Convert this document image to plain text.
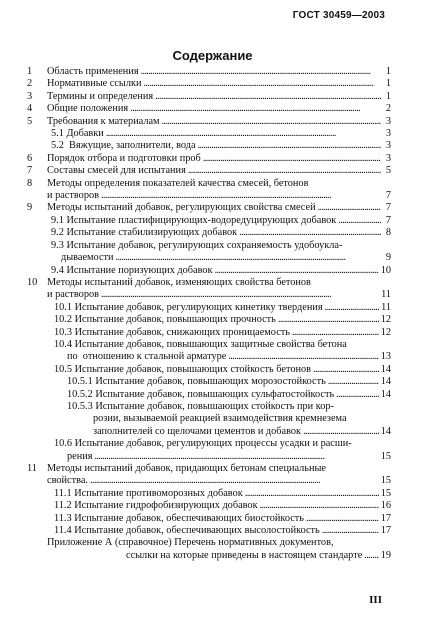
ГОСТ 30459—2003
Содержание
1 Область применения . . .	1
2 Нормативные ссылки . . .	1
3 Термины и определения . . .	1
4 Общие положения . . .	2
5 Требования к материалам . . .	3
5.1 Добавки . . .	3
5.2  Вяжущие, заполнители, вода . . .	3
6 Порядок отбора и подготовки проб . . .	3
7 Составы смесей для испытания . . .	5
8 Методы определения показателей качества смесей, бетонов
и растворов . . .	7
9 Методы испытаний добавок, регулирующих свойства смесей . . .	7
9.1 Испытание пластифицирующих-водоредуцирующих добавок . . .	7
9.2 Испытание стабилизирующих добавок . . .	8
9.3 Испытание добавок, регулирующих сохраняемость удобоукла-
дываемости . . .	9
9.4 Испытание поризующих добавок . . .	10
10 Методы испытаний добавок, изменяющих свойства бетонов
и растворов . . .	11
10.1 Испытание добавок, регулирующих кинетику твердения . . .	11
10.2 Испытание добавок, повышающих прочность . . .	12
10.3 Испытание добавок, снижающих проницаемость . . .	12
10.4 Испытание добавок, повышающих защитные свойства бетона
по  отношению к стальной арматуре . . .	13
10.5 Испытание добавок, повышающих стойкость бетонов . . .	14
10.5.1 Испытание добавок, повышающих морозостойкость . . .	14
10.5.2 Испытание добавок, повышающих сульфатостойкость . . .	14
10.5.3 Испытание добавок, повышающих стойкость при кор-
розии, вызываемой реакцией взаимодействия кремнезема
заполнителей со щелочами цементов и добавок . . .	14
10.6 Испытание добавок, регулирующих процессы усадки и расши-
рения . . .	15
11 Методы испытаний добавок, придающих бетонам специальные
свойства. . . .	15
11.1 Испытание противоморозных добавок . . .	15
11.2 Испытание гидрофобизирующих добавок . . .	16
11.3 Испытание добавок, обеспечивающих биостойкость . . .	17
11.4 Испытание добавок, обеспечивающих высолостойкость . . .	17
Приложение А (справочное) Перечень нормативных документов,
ссылки на которые приведены в настоящем стандарте . . . 19
III
